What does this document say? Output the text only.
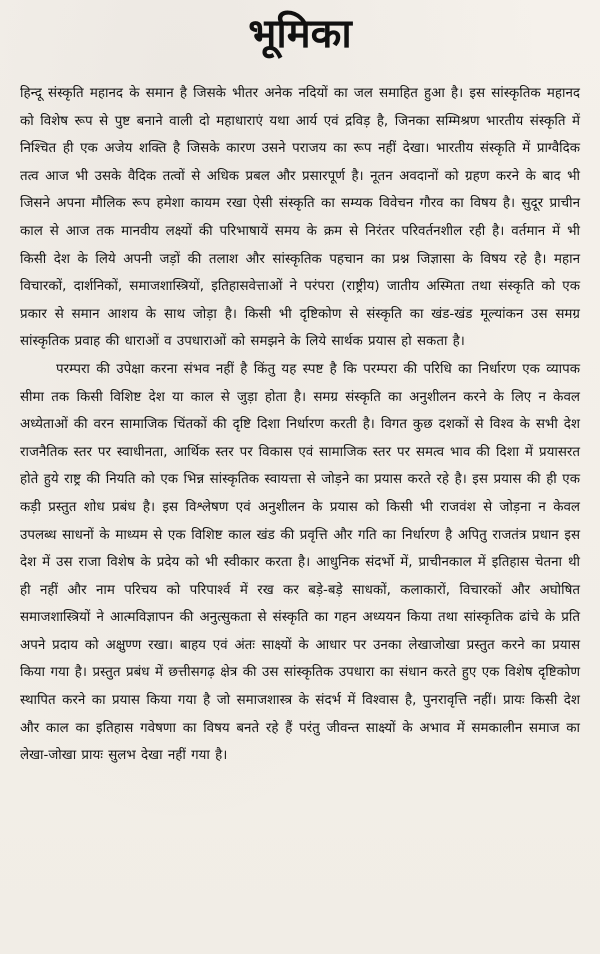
भूमिका

हिन्दू संस्कृति महानद के समान है जिसके भीतर अनेक नदियों का जल समाहित हुआ है। इस सांस्कृतिक महानद को विशेष रूप से पुष्ट बनाने वाली दो महाधाराएं यथा आर्य एवं द्रविड़ है, जिनका सम्मिश्रण भारतीय संस्कृति में निश्चित ही एक अजेय शक्ति है जिसके कारण उसने पराजय का रूप नहीं देखा। भारतीय संस्कृति में प्राग्वैदिक तत्व आज भी उसके वैदिक तत्वों से अधिक प्रबल और प्रसारपूर्ण है। नूतन अवदानों को ग्रहण करने के बाद भी जिसने अपना मौलिक रूप हमेशा कायम रखा ऐसी संस्कृति का सम्यक विवेचन गौरव का विषय है। सुदूर प्राचीन काल से आज तक मानवीय लक्ष्यों की परिभाषायें समय के क्रम से निरंतर परिवर्तनशील रही है। वर्तमान में भी किसी देश के लिये अपनी जड़ों की तलाश और सांस्कृतिक पहचान का प्रश्न जिज्ञासा के विषय रहे है। महान विचारकों, दार्शनिकों, समाजशास्त्रियों, इतिहासवेत्ताओं ने परंपरा (राष्ट्रीय) जातीय अस्मिता तथा संस्कृति को एक प्रकार से समान आशय के साथ जोड़ा है। किसी भी दृष्टिकोण से संस्कृति का खंड-खंड मूल्यांकन उस समग्र सांस्कृतिक प्रवाह की धाराओं व उपधाराओं को समझने के लिये सार्थक प्रयास हो सकता है।

परम्परा की उपेक्षा करना संभव नहीं है किंतु यह स्पष्ट है कि परम्परा की परिधि का निर्धारण एक व्यापक सीमा तक किसी विशिष्ट देश या काल से जुड़ा होता है। समग्र संस्कृति का अनुशीलन करने के लिए न केवल अध्येताओं की वरन सामाजिक चिंतकों की दृष्टि दिशा निर्धारण करती है। विगत कुछ दशकों से विश्व के सभी देश राजनैतिक स्तर पर स्वाधीनता, आर्थिक स्तर पर विकास एवं सामाजिक स्तर पर समत्व भाव की दिशा में प्रयासरत होते हुये राष्ट्र की नियति को एक भिन्न सांस्कृतिक स्वायत्ता से जोड़ने का प्रयास करते रहे है। इस प्रयास की ही एक कड़ी प्रस्तुत शोध प्रबंध है। इस विश्लेषण एवं अनुशीलन के प्रयास को किसी भी राजवंश से जोड़ना न केवल उपलब्ध साधनों के माध्यम से एक विशिष्ट काल खंड की प्रवृत्ति और गति का निर्धारण है अपितु राजतंत्र प्रधान इस देश में उस राजा विशेष के प्रदेय को भी स्वीकार करता है। आधुनिक संदर्भो में, प्राचीनकाल में इतिहास चेतना थी ही नहीं और नाम परिचय को परिपार्श्व में रख कर बड़े-बड़े साधकों, कलाकारों, विचारकों और अघोषित समाजशास्त्रियों ने आत्मविज्ञापन की अनुत्सुकता से संस्कृति का गहन अध्ययन किया तथा सांस्कृतिक ढांचे के प्रति अपने प्रदाय को अक्षुण्ण रखा। बाहय एवं अंतः साक्ष्यों के आधार पर उनका लेखाजोखा प्रस्तुत करने का प्रयास किया गया है। प्रस्तुत प्रबंध में छत्तीसगढ़ क्षेत्र की उस सांस्कृतिक उपधारा का संधान करते हुए एक विशेष दृष्टिकोण स्थापित करने का प्रयास किया गया है जो समाजशास्त्र के संदर्भ में विश्वास है, पुनरावृत्ति नहीं। प्रायः किसी देश और काल का इतिहास गवेषणा का विषय बनते रहे हैं परंतु जीवन्त साक्ष्यों के अभाव में समकालीन समाज का लेखा-जोखा प्रायः सुलभ देखा नहीं गया है।
